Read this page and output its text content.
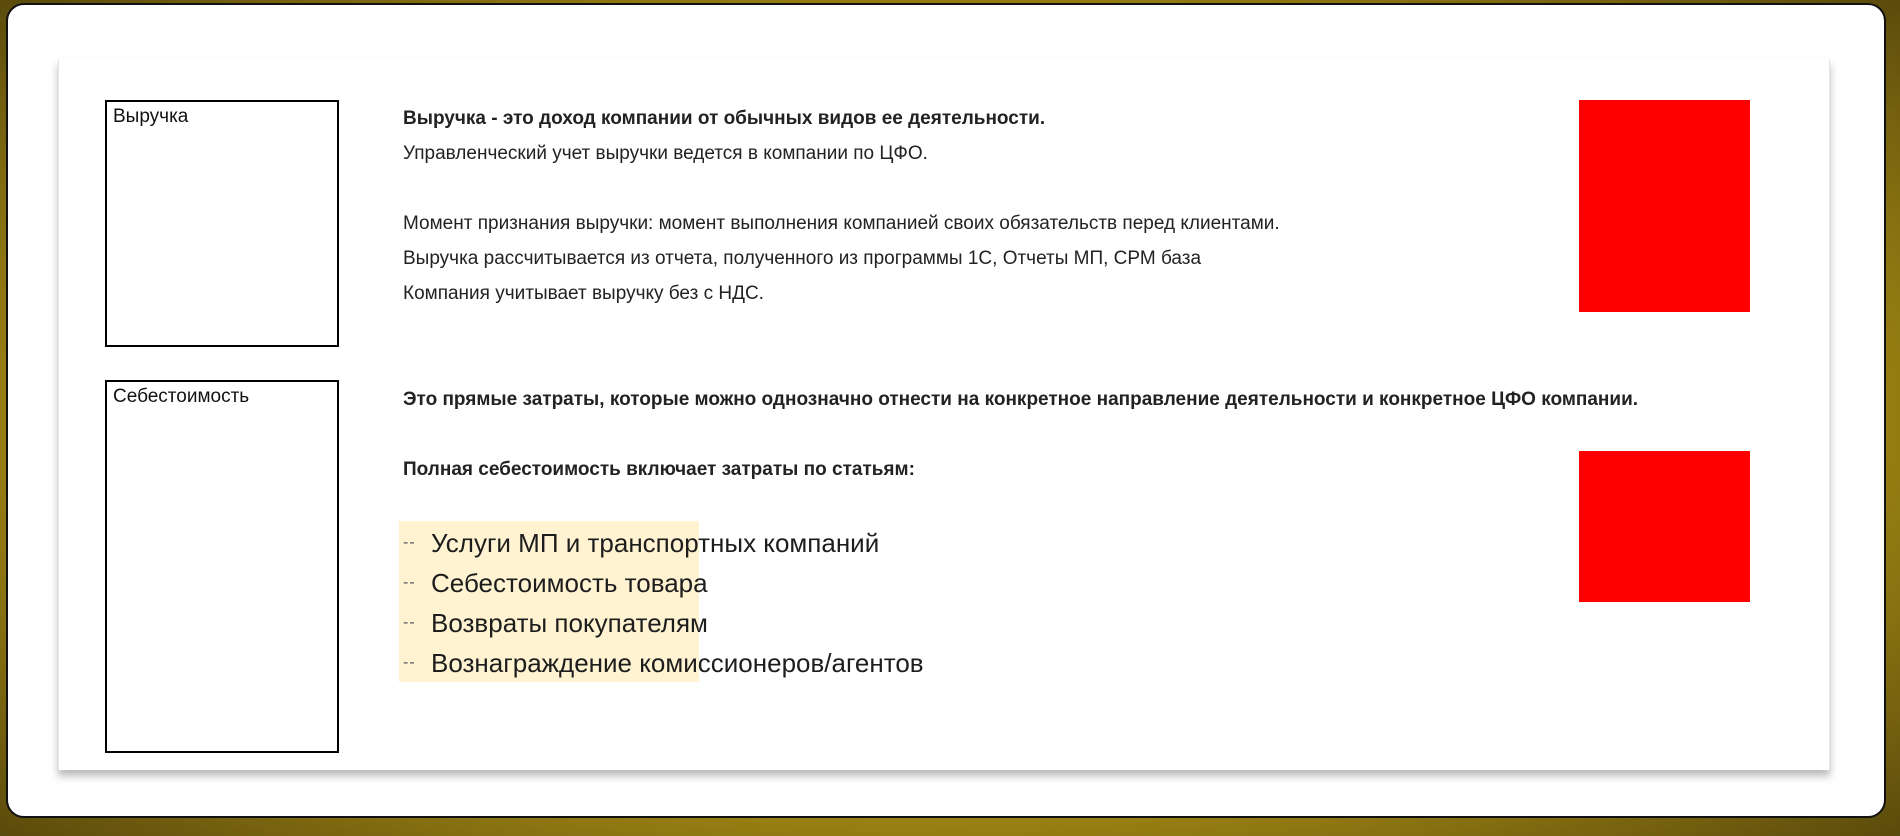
Выручка	Выручка - это доход компании от обычных видов ее деятельности.
Управленческий учет выручки ведется в компании по ЦФО.
Момент признания выручки: момент выполнения компанией своих обязательств перед клиентами.
Выручка рассчитывается из отчета, полученного из программы 1С, Отчеты МП, СРМ база
Компания учитывает выручку без с НДС.
Себестоимость	Это прямые затраты, которые можно однозначно отнести на конкретное направление деятельности и конкретное ЦФО компании.
Полная себестоимость включает затраты по статьям:
-- Услуги МП и транспортных компаний
-- Себестоимость товара
-- Возвраты покупателям
-- Вознаграждение комиссионеров/агентов
